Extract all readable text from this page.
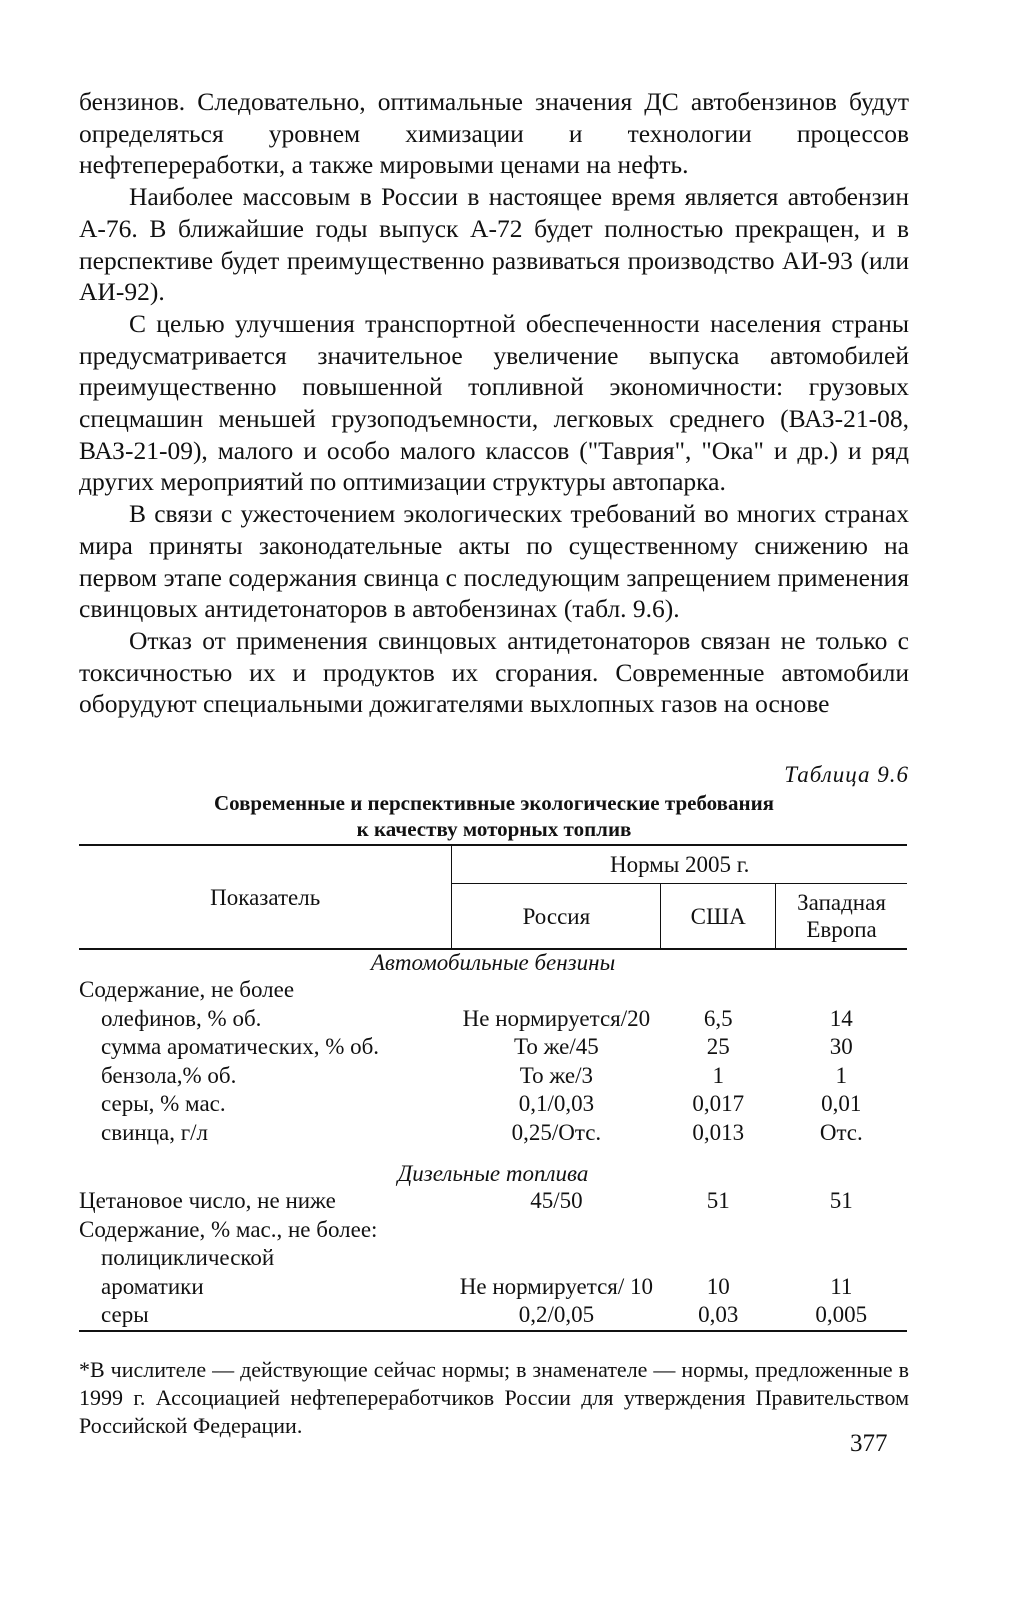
бензинов. Следовательно, оптимальные значения ДС автобензинов будут определяться уровнем химизации и технологии процессов нефтепереработки, а также мировыми ценами на нефть.

Наиболее массовым в России в настоящее время является автобензин А-76. В ближайшие годы выпуск А-72 будет полностью прекращен, и в перспективе будет преимущественно развиваться производство АИ-93 (или АИ-92).

С целью улучшения транспортной обеспеченности населения страны предусматривается значительное увеличение выпуска автомобилей преимущественно повышенной топливной экономичности: грузовых спецмашин меньшей грузоподъемности, легковых среднего (ВАЗ-21-08, ВАЗ-21-09), малого и особо малого классов ("Таврия", "Ока" и др.) и ряд других мероприятий по оптимизации структуры автопарка.

В связи с ужесточением экологических требований во многих странах мира приняты законодательные акты по существенному снижению на первом этапе содержания свинца с последующим запрещением применения свинцовых антидетонаторов в автобензинах (табл. 9.6).

Отказ от применения свинцовых антидетонаторов связан не только с токсичностью их и продуктов их сгорания. Современные автомобили оборудуют специальными дожигателями выхлопных газов на основе

Таблица 9.6
Современные и перспективные экологические требования
к качеству моторных топлив
Показатель	Нормы 2005 г.		
	Россия	США	Западная
Европа

Автомобильные бензины			
Содержание, не более			
олефинов, % об.	Не нормируется/20	6,5	14
сумма ароматических, % об.	То же/45	25	30
бензола,% об.	То же/3	1	1
серы, % мас.	0,1/0,03	0,017	0,01
свинца, г/л	0,25/Отс.	0,013	Отс.

Дизельные топлива			
Цетановое число, не ниже	45/50	51	51
Содержание, % мас., не более:			
полициклической			
ароматики	Не нормируется/ 10	10	11
серы	0,2/0,05	0,03	0,005
*В числителе — действующие сейчас нормы; в знаменателе — нормы, предложенные в 1999 г. Ассоциацией нефтепереработчиков России для утверждения Правительством Российской Федерации.
377
